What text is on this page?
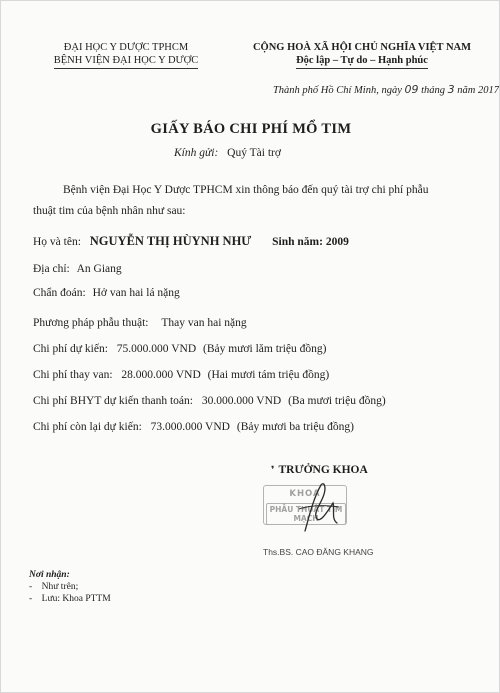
ĐẠI HỌC Y DƯỢC TPHCM
BỆNH VIỆN ĐẠI HỌC Y DƯỢC
CỘNG HOÀ XÃ HỘI CHỦ NGHĨA VIỆT NAM
Độc lập – Tự do – Hạnh phúc
Thành phố Hồ Chí Minh, ngày 09 tháng 3 năm 2017
GIẤY BÁO CHI PHÍ MỔ TIM
Kính gửi: Quý Tài trợ
Bệnh viện Đại Học Y Dược TPHCM xin thông báo đến quý tài trợ chi phí phẫu
thuật tim của bệnh nhân như sau:
Họ và tên: NGUYỄN THỊ HÙYNH NHƯ Sinh năm: 2009
Địa chỉ: An Giang
Chẩn đoán: Hở van hai lá nặng
Phương pháp phẫu thuật: Thay van hai nặng
Chi phí dự kiến: 75.000.000 VND (Bảy mươi lăm triệu đồng)
Chi phí thay van: 28.000.000 VND (Hai mươi tám triệu đồng)
Chi phí BHYT dự kiến thanh toán: 30.000.000 VND (Ba mươi triệu đồng)
Chi phí còn lại dự kiến: 73.000.000 VND (Bảy mươi ba triệu đồng)
❜ TRƯỞNG KHOA
KHOA
PHẪU THUẬT TIM MẠCH
Ths.BS. CAO ĐĂNG KHANG
Nơi nhận:
-    Như trên;
-    Lưu: Khoa PTTM
